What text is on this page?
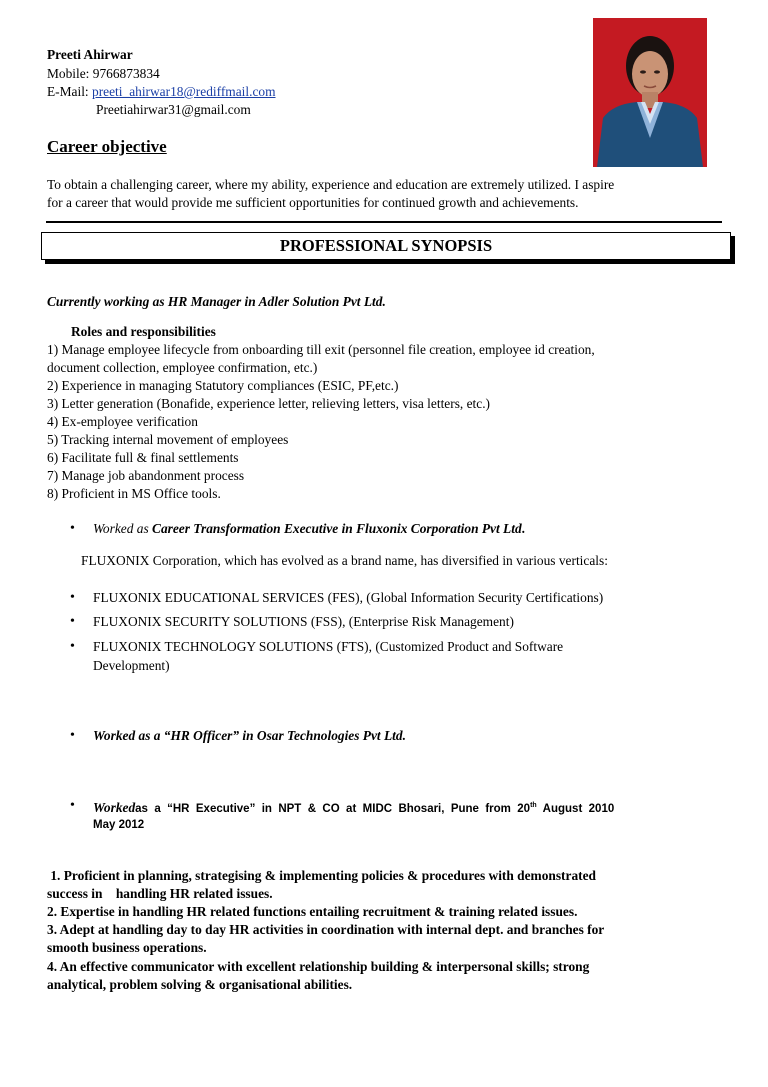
Preeti Ahirwar
Mobile: 9766873834
E-Mail: preeti_ahirwar18@rediffmail.com
Preetiahirwar31@gmail.com
Career objective
To obtain a challenging career, where my ability, experience and education are extremely utilized. I aspire
for a career that would provide me sufficient opportunities for continued growth and achievements.
PROFESSIONAL SYNOPSIS
Currently working as HR Manager in Adler Solution Pvt Ltd.
Roles and responsibilities
1) Manage employee lifecycle from onboarding till exit (personnel file creation, employee id creation,
document collection, employee confirmation, etc.)
2) Experience in managing Statutory compliances (ESIC, PF,etc.)
3) Letter generation (Bonafide, experience letter, relieving letters, visa letters, etc.)
4) Ex-employee verification
5) Tracking internal movement of employees
6) Facilitate full & final settlements
7) Manage job abandonment process
8) Proficient in MS Office tools.
• Worked as Career Transformation Executive in Fluxonix Corporation Pvt Ltd.
FLUXONIX Corporation, which has evolved as a brand name, has diversified in various verticals:
• FLUXONIX EDUCATIONAL SERVICES (FES), (Global Information Security Certifications)
• FLUXONIX SECURITY SOLUTIONS (FSS), (Enterprise Risk Management)
• FLUXONIX TECHNOLOGY SOLUTIONS (FTS), (Customized Product and Software
Development)
• Worked as a “HR Officer” in Osar Technologies Pvt Ltd.
• Workedas  a  “HR  Executive”  in  NPT  &  CO  at  MIDC  Bhosari,  Pune  from  20th  August  2010
May 2012
1. Proficient in planning, strategising & implementing policies & procedures with demonstrated
success in    handling HR related issues.
2. Expertise in handling HR related functions entailing recruitment & training related issues.
3. Adept at handling day to day HR activities in coordination with internal dept. and branches for
smooth business operations.
4. An effective communicator with excellent relationship building & interpersonal skills; strong
analytical, problem solving & organisational abilities.
